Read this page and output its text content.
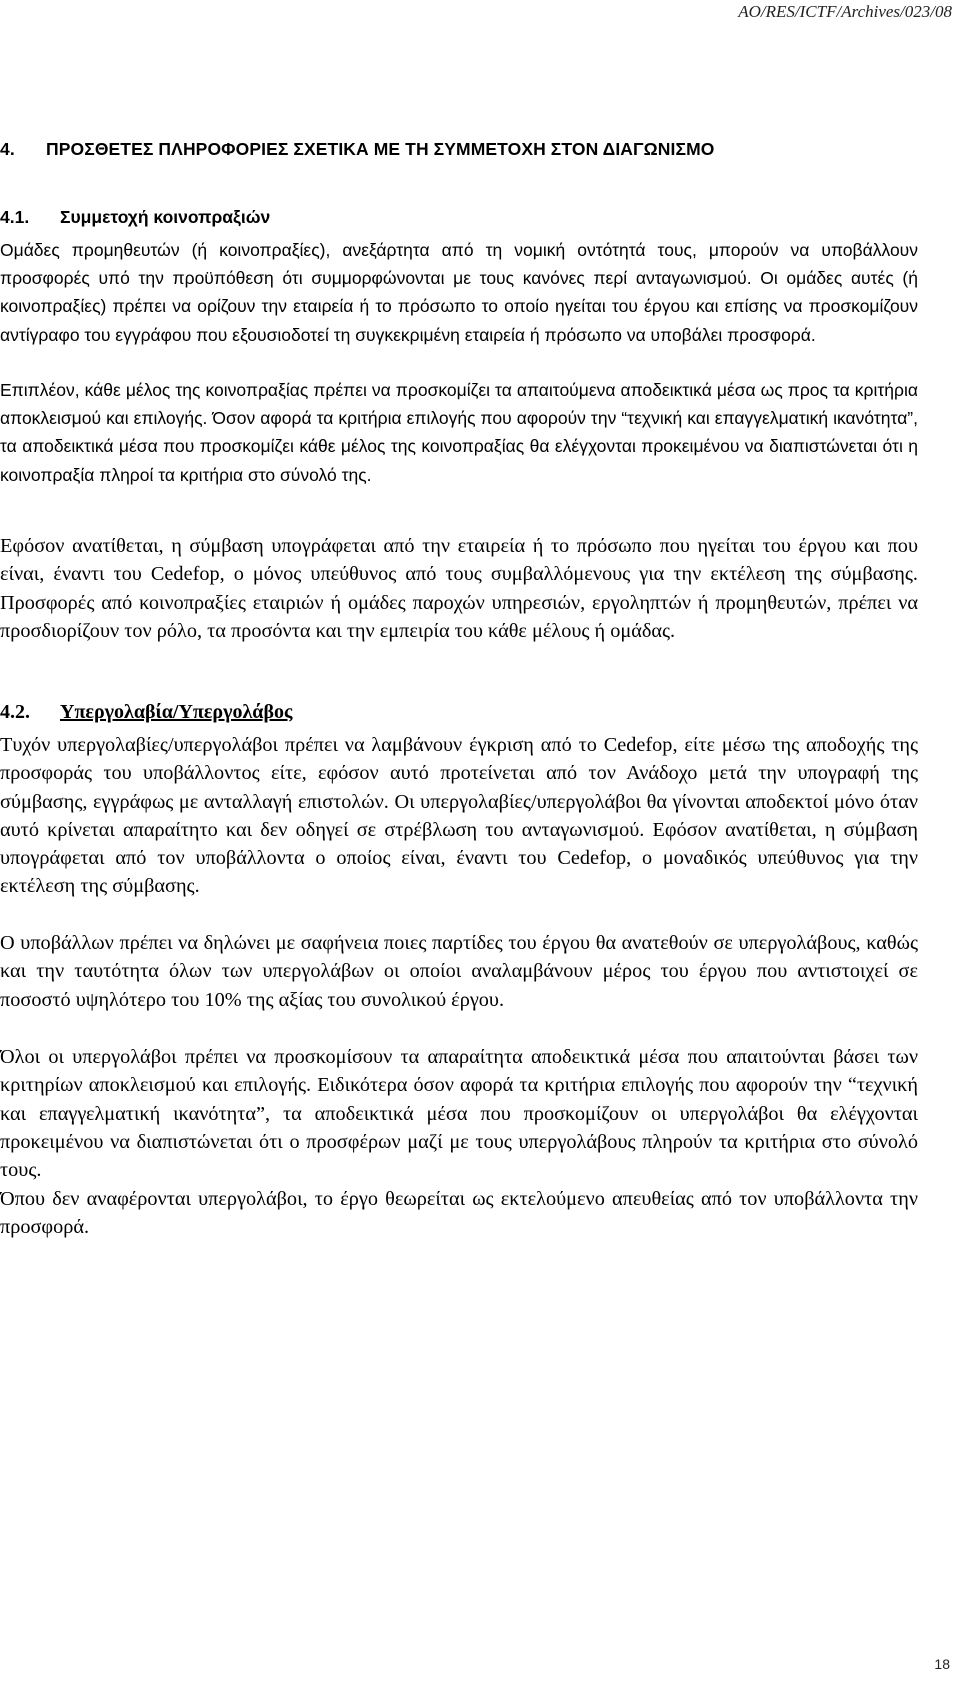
AO/RES/ICTF/Archives/023/08
4. ΠΡΟΣΘΕΤΕΣ ΠΛΗΡΟΦΟΡΙΕΣ ΣΧΕΤΙΚΑ ΜΕ ΤΗ ΣΥΜΜΕΤΟΧΗ ΣΤΟΝ ΔΙΑΓΩΝΙΣΜΟ
4.1. Συμμετοχή κοινοπραξιών
Ομάδες προμηθευτών (ή κοινοπραξίες), ανεξάρτητα από τη νομική οντότητά τους, μπορούν να υποβάλλουν προσφορές υπό την προϋπόθεση ότι συμμορφώνονται με τους κανόνες περί ανταγωνισμού. Οι ομάδες αυτές (ή κοινοπραξίες) πρέπει να ορίζουν την εταιρεία ή το πρόσωπο το οποίο ηγείται του έργου και επίσης να προσκομίζουν αντίγραφο του εγγράφου που εξουσιοδοτεί τη συγκεκριμένη εταιρεία ή πρόσωπο να υποβάλει προσφορά.
Επιπλέον, κάθε μέλος της κοινοπραξίας πρέπει να προσκομίζει τα απαιτούμενα αποδεικτικά μέσα ως προς τα κριτήρια αποκλεισμού και επιλογής. Όσον αφορά τα κριτήρια επιλογής που αφορούν την “τεχνική και επαγγελματική ικανότητα”, τα αποδεικτικά μέσα που προσκομίζει κάθε μέλος της κοινοπραξίας θα ελέγχονται προκειμένου να διαπιστώνεται ότι η κοινοπραξία πληροί τα κριτήρια στο σύνολό της.
Εφόσον ανατίθεται, η σύμβαση υπογράφεται από την εταιρεία ή το πρόσωπο που ηγείται του έργου και που είναι, έναντι του Cedefop, ο μόνος υπεύθυνος από τους συμβαλλόμενους για την εκτέλεση της σύμβασης. Προσφορές από κοινοπραξίες εταιριών ή ομάδες παροχών υπηρεσιών, εργοληπτών ή προμηθευτών, πρέπει να προσδιορίζουν τον ρόλο, τα προσόντα και την εμπειρία του κάθε μέλους ή ομάδας.
4.2. Υπεργολαβία/Υπεργολάβος
Τυχόν υπεργολαβίες/υπεργολάβοι πρέπει να λαμβάνουν έγκριση από το Cedefop, είτε μέσω της αποδοχής της προσφοράς του υποβάλλοντος είτε, εφόσον αυτό προτείνεται από τον Ανάδοχο μετά την υπογραφή της σύμβασης, εγγράφως με ανταλλαγή επιστολών. Οι υπεργολαβίες/υπεργολάβοι θα γίνονται αποδεκτοί μόνο όταν αυτό κρίνεται απαραίτητο και δεν οδηγεί σε στρέβλωση του ανταγωνισμού. Εφόσον ανατίθεται, η σύμβαση υπογράφεται από τον υποβάλλοντα ο οποίος είναι, έναντι του Cedefop, ο μοναδικός υπεύθυνος για την εκτέλεση της σύμβασης.
Ο υποβάλλων πρέπει να δηλώνει με σαφήνεια ποιες παρτίδες του έργου θα ανατεθούν σε υπεργολάβους, καθώς και την ταυτότητα όλων των υπεργολάβων οι οποίοι αναλαμβάνουν μέρος του έργου που αντιστοιχεί σε ποσοστό υψηλότερο του 10% της αξίας του συνολικού έργου.
Όλοι οι υπεργολάβοι πρέπει να προσκομίσουν τα απαραίτητα αποδεικτικά μέσα που απαιτούνται βάσει των κριτηρίων αποκλεισμού και επιλογής. Ειδικότερα όσον αφορά τα κριτήρια επιλογής που αφορούν την “τεχνική και επαγγελματική ικανότητα”, τα αποδεικτικά μέσα που προσκομίζουν οι υπεργολάβοι θα ελέγχονται προκειμένου να διαπιστώνεται ότι ο προσφέρων μαζί με τους υπεργολάβους πληρούν τα κριτήρια στο σύνολό τους.
Όπου δεν αναφέρονται υπεργολάβοι, το έργο θεωρείται ως εκτελούμενο απευθείας από τον υποβάλλοντα την προσφορά.
18
